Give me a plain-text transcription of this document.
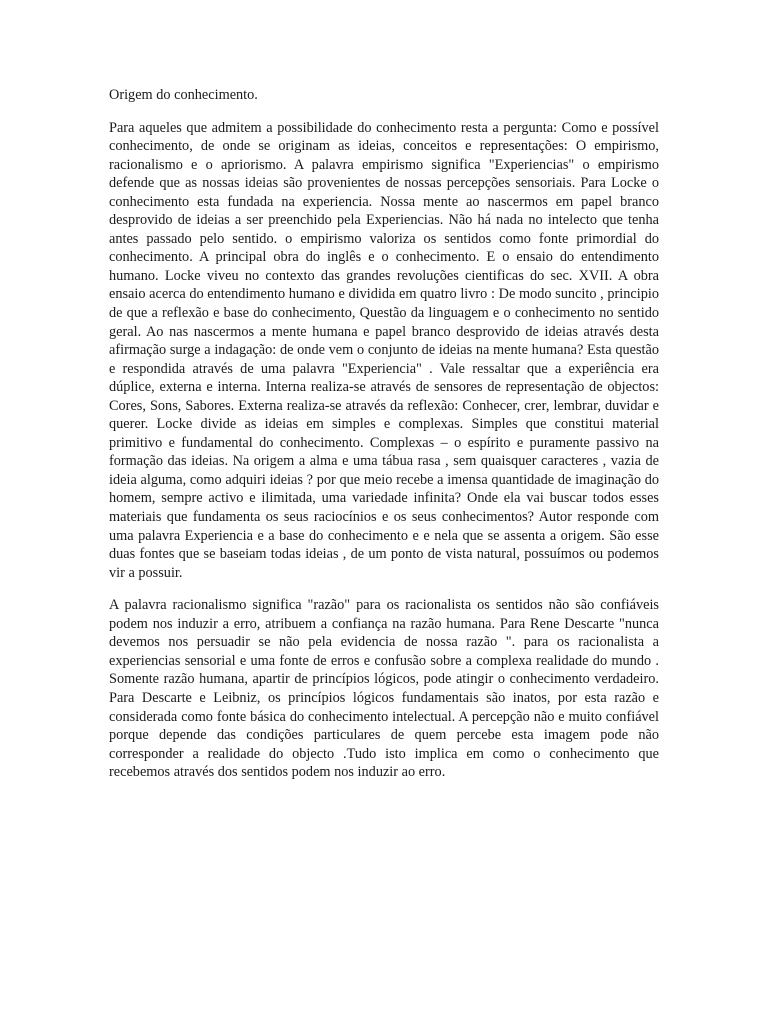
Origem do conhecimento.

Para aqueles que admitem a possibilidade do conhecimento resta a pergunta: Como e possível conhecimento, de onde se originam as ideias, conceitos e representações: O empirismo, racionalismo e o apriorismo. A palavra empirismo significa "Experiencias" o empirismo defende que as nossas ideias são provenientes de nossas percepções sensoriais. Para Locke o conhecimento esta fundada na experiencia. Nossa mente ao nascermos em papel branco desprovido de ideias a ser preenchido pela Experiencias. Não há nada no intelecto que tenha antes passado pelo sentido. o empirismo valoriza os sentidos como fonte primordial do conhecimento. A principal obra do inglês e o conhecimento. E o ensaio do entendimento humano. Locke viveu no contexto das grandes revoluções cientificas do sec. XVII. A obra ensaio acerca do entendimento humano e dividida em quatro livro : De modo suncito , principio de que a reflexão e base do conhecimento, Questão da linguagem e o conhecimento no sentido geral. Ao nas nascermos a mente humana e papel branco desprovido de ideias através desta afirmação surge a indagação: de onde vem o conjunto de ideias na mente humana? Esta questão e respondida através de uma palavra "Experiencia" . Vale ressaltar que a experiência era dúplice, externa e interna. Interna realiza-se através de sensores de representação de objectos: Cores, Sons, Sabores. Externa realiza-se através da reflexão: Conhecer, crer, lembrar, duvidar e querer. Locke divide as ideias em simples e complexas. Simples que constitui material primitivo e fundamental do conhecimento. Complexas – o espírito e puramente passivo na formação das ideias. Na origem a alma e uma tábua rasa , sem quaisquer caracteres , vazia de ideia alguma, como adquiri ideias ? por que meio recebe a imensa quantidade de imaginação do homem, sempre activo e ilimitada, uma variedade infinita? Onde ela vai buscar todos esses materiais que fundamenta os seus raciocínios e os seus conhecimentos? Autor responde com uma palavra Experiencia e a base do conhecimento e e nela que se assenta a origem. São esse duas fontes que se baseiam todas ideias , de um ponto de vista natural, possuímos ou podemos vir a possuir.

A palavra racionalismo significa "razão" para os racionalista os sentidos não são confiáveis podem nos induzir a erro, atribuem a confiança na razão humana. Para Rene Descarte "nunca devemos nos persuadir se não pela evidencia de nossa razão ". para os racionalista a experiencias sensorial e uma fonte de erros e confusão sobre a complexa realidade do mundo . Somente razão humana, apartir de princípios lógicos, pode atingir o conhecimento verdadeiro. Para Descarte e Leibniz, os princípios lógicos fundamentais são inatos, por esta razão e considerada como fonte básica do conhecimento intelectual. A percepção não e muito confiável porque depende das condições particulares de quem percebe esta imagem pode não corresponder a realidade do objecto .Tudo isto implica em como o conhecimento que recebemos através dos sentidos podem nos induzir ao erro.
